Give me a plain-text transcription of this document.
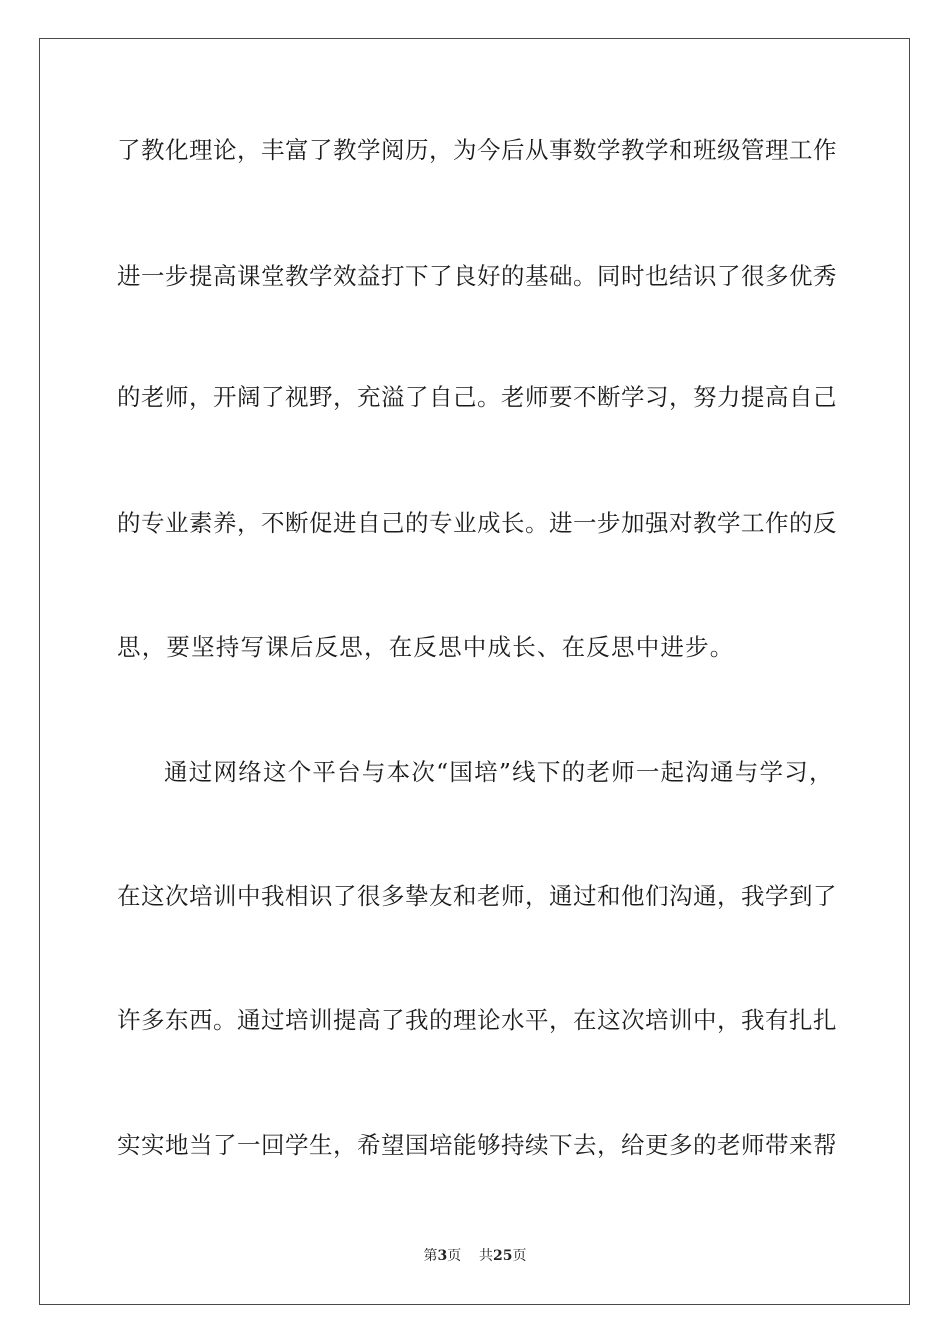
了教化理论，丰富了教学阅历，为今后从事数学教学和班级管理工作
进一步提高课堂教学效益打下了良好的基础。同时也结识了很多优秀
的老师，开阔了视野，充溢了自己。老师要不断学习，努力提高自己
的专业素养，不断促进自己的专业成长。进一步加强对教学工作的反
思，要坚持写课后反思，在反思中成长、在反思中进步。
通过网络这个平台与本次“国培”线下的老师一起沟通与学习，
在这次培训中我相识了很多挚友和老师，通过和他们沟通，我学到了
许多东西。通过培训提高了我的理论水平，在这次培训中，我有扎扎
实实地当了一回学生，希望国培能够持续下去，给更多的老师带来帮
第3页 共25页
